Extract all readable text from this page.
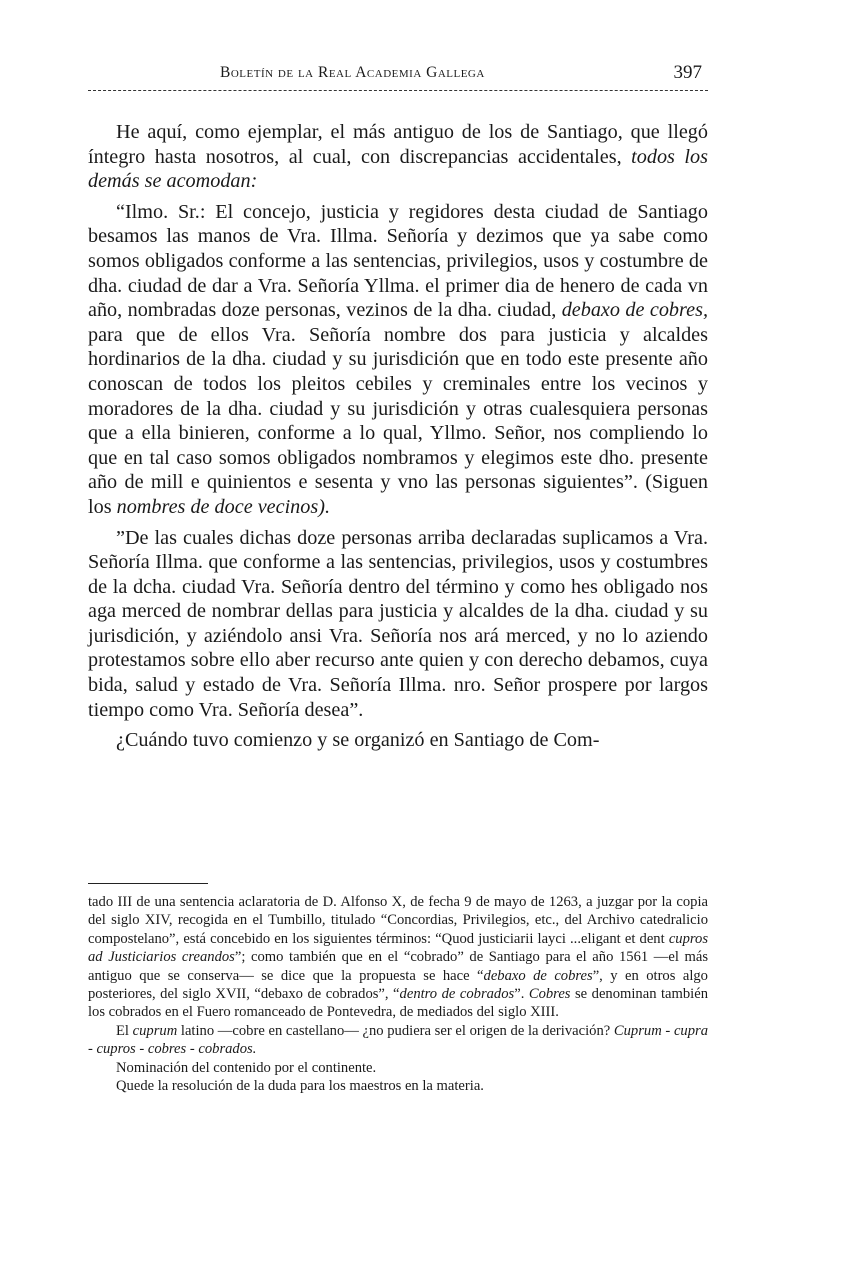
Boletín de la Real Academia Gallega	397

He aquí, como ejemplar, el más antiguo de los de Santiago, que llegó íntegro hasta nosotros, al cual, con discrepancias accidentales, todos los demás se acomodan:

“Ilmo. Sr.: El concejo, justicia y regidores desta ciudad de Santiago besamos las manos de Vra. Illma. Señoría y dezimos que ya sabe como somos obligados conforme a las sentencias, privilegios, usos y costumbre de dha. ciudad de dar a Vra. Señoría Yllma. el primer dia de henero de cada vn año, nombradas doze personas, vezinos de la dha. ciudad, debaxo de cobres, para que de ellos Vra. Señoría nombre dos para justicia y alcaldes hordinarios de la dha. ciudad y su jurisdición que en todo este presente año conoscan de todos los pleitos cebiles y creminales entre los vecinos y moradores de la dha. ciudad y su jurisdición y otras cualesquiera personas que a ella binieren, conforme a lo qual, Yllmo. Señor, nos compliendo lo que en tal caso somos obligados nombramos y elegimos este dho. presente año de mill e quinientos e sesenta y vno las personas siguientes”. (Siguen los nombres de doce vecinos).

”De las cuales dichas doze personas arriba declaradas suplicamos a Vra. Señoría Illma. que conforme a las sentencias, privilegios, usos y costumbres de la dcha. ciudad Vra. Señoría dentro del término y como hes obligado nos aga merced de nombrar dellas para justicia y alcaldes de la dha. ciudad y su jurisdición, y aziéndolo ansi Vra. Señoría nos ará merced, y no lo aziendo protestamos sobre ello aber recurso ante quien y con derecho debamos, cuya bida, salud y estado de Vra. Señoría Illma. nro. Señor prospere por largos tiempo como Vra. Señoría desea”.

¿Cuándo tuvo comienzo y se organizó en Santiago de Com-

tado III de una sentencia aclaratoria de D. Alfonso X, de fecha 9 de mayo de 1263, a juzgar por la copia del siglo XIV, recogida en el Tumbillo, titulado “Concordias, Privilegios, etc., del Archivo catedralicio compostelano”, está concebido en los siguientes términos: “Quod justiciarii layci ...eligant et dent cupros ad Justiciarios creandos”; como también que en el “cobrado” de Santiago para el año 1561 —el más antiguo que se conserva— se dice que la propuesta se hace “debaxo de cobres”, y en otros algo posteriores, del siglo XVII, “debaxo de cobrados”, “dentro de cobrados”. Cobres se denominan también los cobrados en el Fuero romanceado de Pontevedra, de mediados del siglo XIII.

El cuprum latino —cobre en castellano— ¿no pudiera ser el origen de la derivación? Cuprum - cupra - cupros - cobres - cobrados.

Nominación del contenido por el continente.

Quede la resolución de la duda para los maestros en la materia.
